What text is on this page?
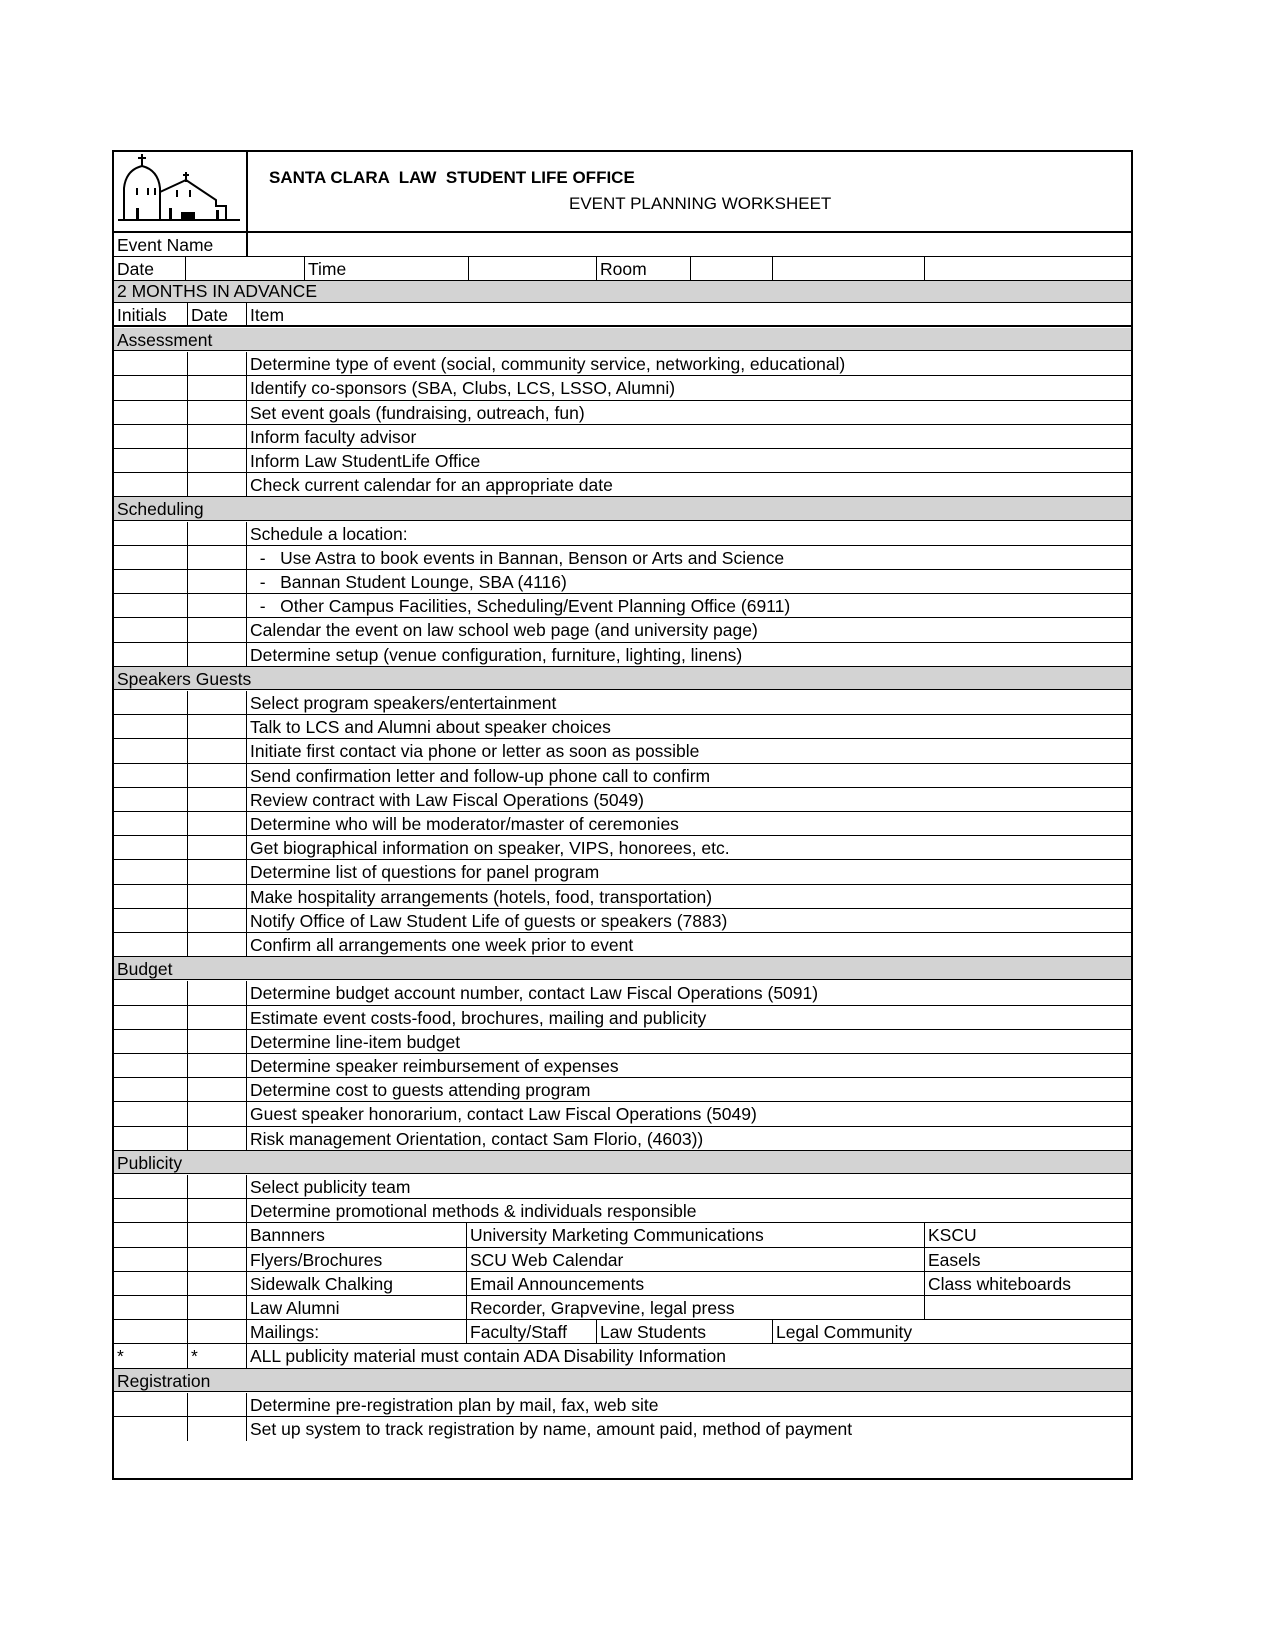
SANTA CLARA  LAW  STUDENT LIFE OFFICE
EVENT PLANNING WORKSHEET
Event Name
Date	Time	Room
2 MONTHS IN ADVANCE
Initials	Date	Item
Assessment
Determine type of event (social, community service, networking, educational)
Identify co-sponsors (SBA, Clubs, LCS, LSSO, Alumni)
Set event goals (fundraising, outreach, fun)
Inform faculty advisor
Inform Law StudentLife Office
Check current calendar for an appropriate date
Scheduling
Schedule a location:
-   Use Astra to book events in Bannan, Benson or Arts and Science
-   Bannan Student Lounge, SBA (4116)
-   Other Campus Facilities, Scheduling/Event Planning Office (6911)
Calendar the event on law school web page (and university page)
Determine setup (venue configuration, furniture, lighting, linens)
Speakers Guests
Select program speakers/entertainment
Talk to LCS and Alumni about speaker choices
Initiate first contact via phone or letter as soon as possible
Send confirmation letter and follow-up phone call to confirm
Review contract with Law Fiscal Operations (5049)
Determine who will be moderator/master of ceremonies
Get biographical information on speaker, VIPS, honorees, etc.
Determine list of questions for panel program
Make hospitality arrangements (hotels, food, transportation)
Notify Office of Law Student Life of guests or speakers (7883)
Confirm all arrangements one week prior to event
Budget
Determine budget account number, contact Law Fiscal Operations (5091)
Estimate event costs-food, brochures, mailing and publicity
Determine line-item budget
Determine speaker reimbursement of expenses
Determine cost to guests attending program
Guest speaker honorarium, contact Law Fiscal Operations (5049)
Risk management Orientation, contact Sam Florio, (4603))
Publicity
Select publicity team
Determine promotional methods & individuals responsible
Bannners	University Marketing Communications	KSCU
Flyers/Brochures	SCU Web Calendar	Easels
Sidewalk Chalking	Email Announcements	Class whiteboards
Law Alumni	Recorder, Grapvevine, legal press
Mailings:	Faculty/Staff	Law Students	Legal Community
*	*	ALL publicity material must contain ADA Disability Information
Registration
Determine pre-registration plan by mail, fax, web site
Set up system to track registration by name, amount paid, method of payment
